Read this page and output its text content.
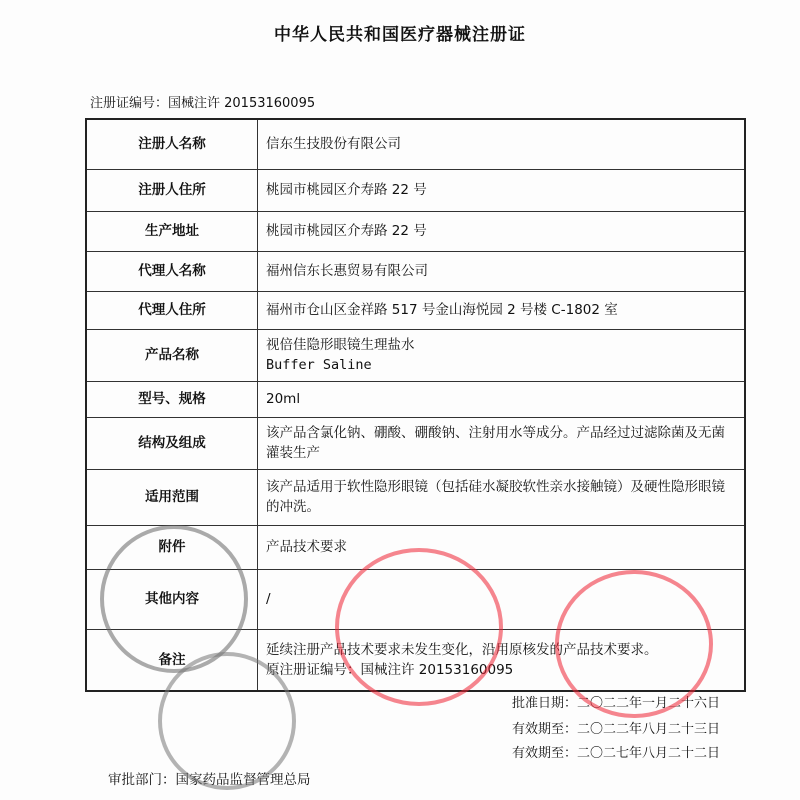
中华人民共和国医疗器械注册证
注册证编号：国械注许 20153160095
注册人名称	信东生技股份有限公司
注册人住所	桃园市桃园区介寿路 22 号
生产地址	桃园市桃园区介寿路 22 号
代理人名称	福州信东长惠贸易有限公司
代理人住所	福州市仓山区金祥路 517 号金山海悦园 2 号楼 C-1802 室
产品名称	视倍佳隐形眼镜生理盐水
Buffer Saline

型号、规格	20ml
结构及组成	该产品含氯化钠、硼酸、硼酸钠、注射用水等成分。产品经过过滤除菌及无菌灌装生产
适用范围	该产品适用于软性隐形眼镜（包括硅水凝胶软性亲水接触镜）及硬性隐形眼镜的冲洗。
附件	产品技术要求
其他内容	/
备注	延续注册产品技术要求未发生变化，沿用原核发的产品技术要求。
原注册证编号：国械注许 20153160095
批准日期：二〇二二年一月二十六日
有效期至：二〇二二年八月二十三日
有效期至：二〇二七年八月二十二日
审批部门：国家药品监督管理总局
